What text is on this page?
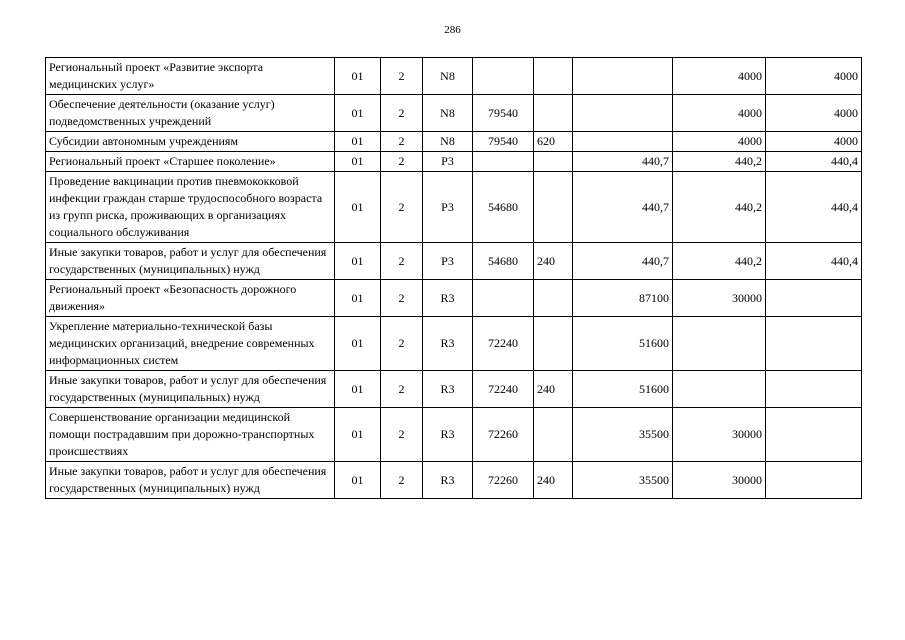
286
Региональный проект «Развитие экспорта медицинских услуг»	01	2	N8				4000	4000
Обеспечение деятельности (оказание услуг) подведомственных учреждений	01	2	N8	79540			4000	4000
Субсидии автономным учреждениям	01	2	N8	79540	620		4000	4000
Региональный проект «Старшее поколение»	01	2	P3			440,7	440,2	440,4
Проведение вакцинации против пневмококковой инфекции граждан старше трудоспособного возраста из групп риска, проживающих в организациях социального обслуживания	01	2	P3	54680		440,7	440,2	440,4
Иные закупки товаров, работ и услуг для обеспечения государственных (муниципальных) нужд	01	2	P3	54680	240	440,7	440,2	440,4
Региональный проект «Безопасность дорожного движения»	01	2	R3			87100	30000	
Укрепление материально-технической базы медицинских организаций, внедрение современных информационных систем	01	2	R3	72240		51600		
Иные закупки товаров, работ и услуг для обеспечения государственных (муниципальных) нужд	01	2	R3	72240	240	51600		
Совершенствование организации медицинской помощи пострадавшим при дорожно-транспортных происшествиях	01	2	R3	72260		35500	30000	
Иные закупки товаров, работ и услуг для обеспечения государственных (муниципальных) нужд	01	2	R3	72260	240	35500	30000	
